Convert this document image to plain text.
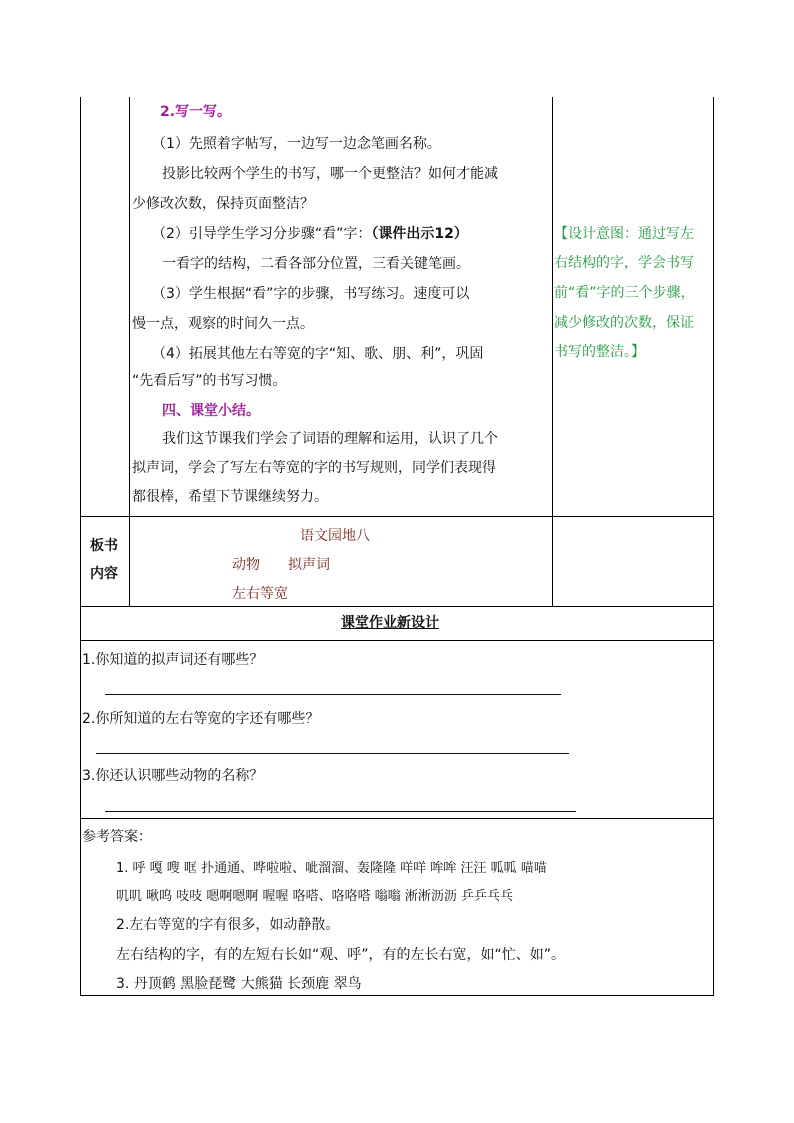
2.写一写。
（1）先照着字帖写，一边写一边念笔画名称。
投影比较两个学生的书写，哪一个更整洁？如何才能减
少修改次数，保持页面整洁？
（2）引导学生学习分步骤“看”字：（课件出示12）
一看字的结构，二看各部分位置，三看关键笔画。
（3）学生根据“看”字的步骤，书写练习。速度可以
慢一点，观察的时间久一点。
（4）拓展其他左右等宽的字“知、歌、朋、利”，巩固
“先看后写”的书写习惯。
四、课堂小结。
我们这节课我们学会了词语的理解和运用，认识了几个
拟声词，学会了写左右等宽的字的书写规则，同学们表现得
都很棒，希望下节课继续努力。
【设计意图：通过写左
右结构的字，学会书写
前“看”字的三个步骤，
减少修改的次数，保证
书写的整洁。】
板书
内容
语文园地八
动物 拟声词
左右等宽
课堂作业新设计
1.你知道的拟声词还有哪些？
2.你所知道的左右等宽的字还有哪些？
3.你还认识哪些动物的名称？
参考答案：
1. 呼 嘎 嗖 哐 扑通通、哗啦啦、呲溜溜、轰隆隆 咩咩 哞哞 汪汪 呱呱 喵喵
叽叽 啾呜 吱吱 嗯啊嗯啊 喔喔 咯嗒、咯咯嗒 嗡嗡 淅淅沥沥 乒乒乓乓
2.左右等宽的字有很多，如动静散。
左右结构的字，有的左短右长如“观、呼”，有的左长右宽，如“忙、如”。
3. 丹顶鹤 黑脸琵鹭 大熊猫 长颈鹿 翠鸟
